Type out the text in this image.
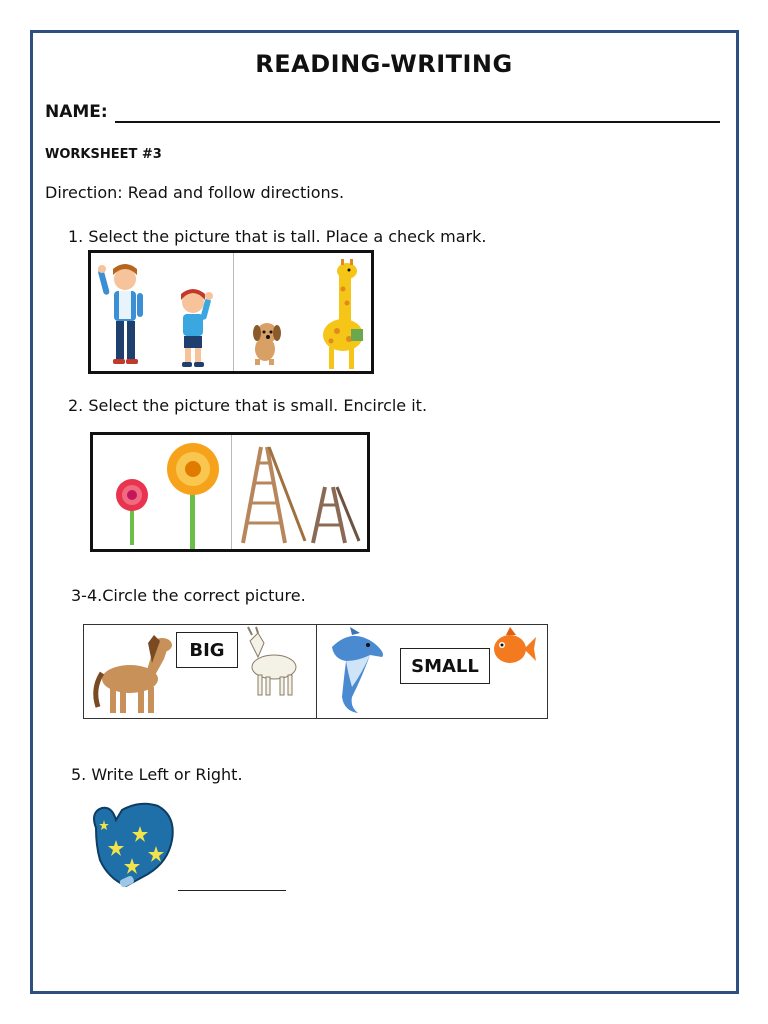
READING-WRITING
NAME:
WORKSHEET #3
Direction: Read and follow directions.
1. Select the picture that is tall. Place a check mark.
2. Select the picture that is small. Encircle it.
3-4.Circle the correct picture.
BIG
SMALL
5. Write Left or Right.
